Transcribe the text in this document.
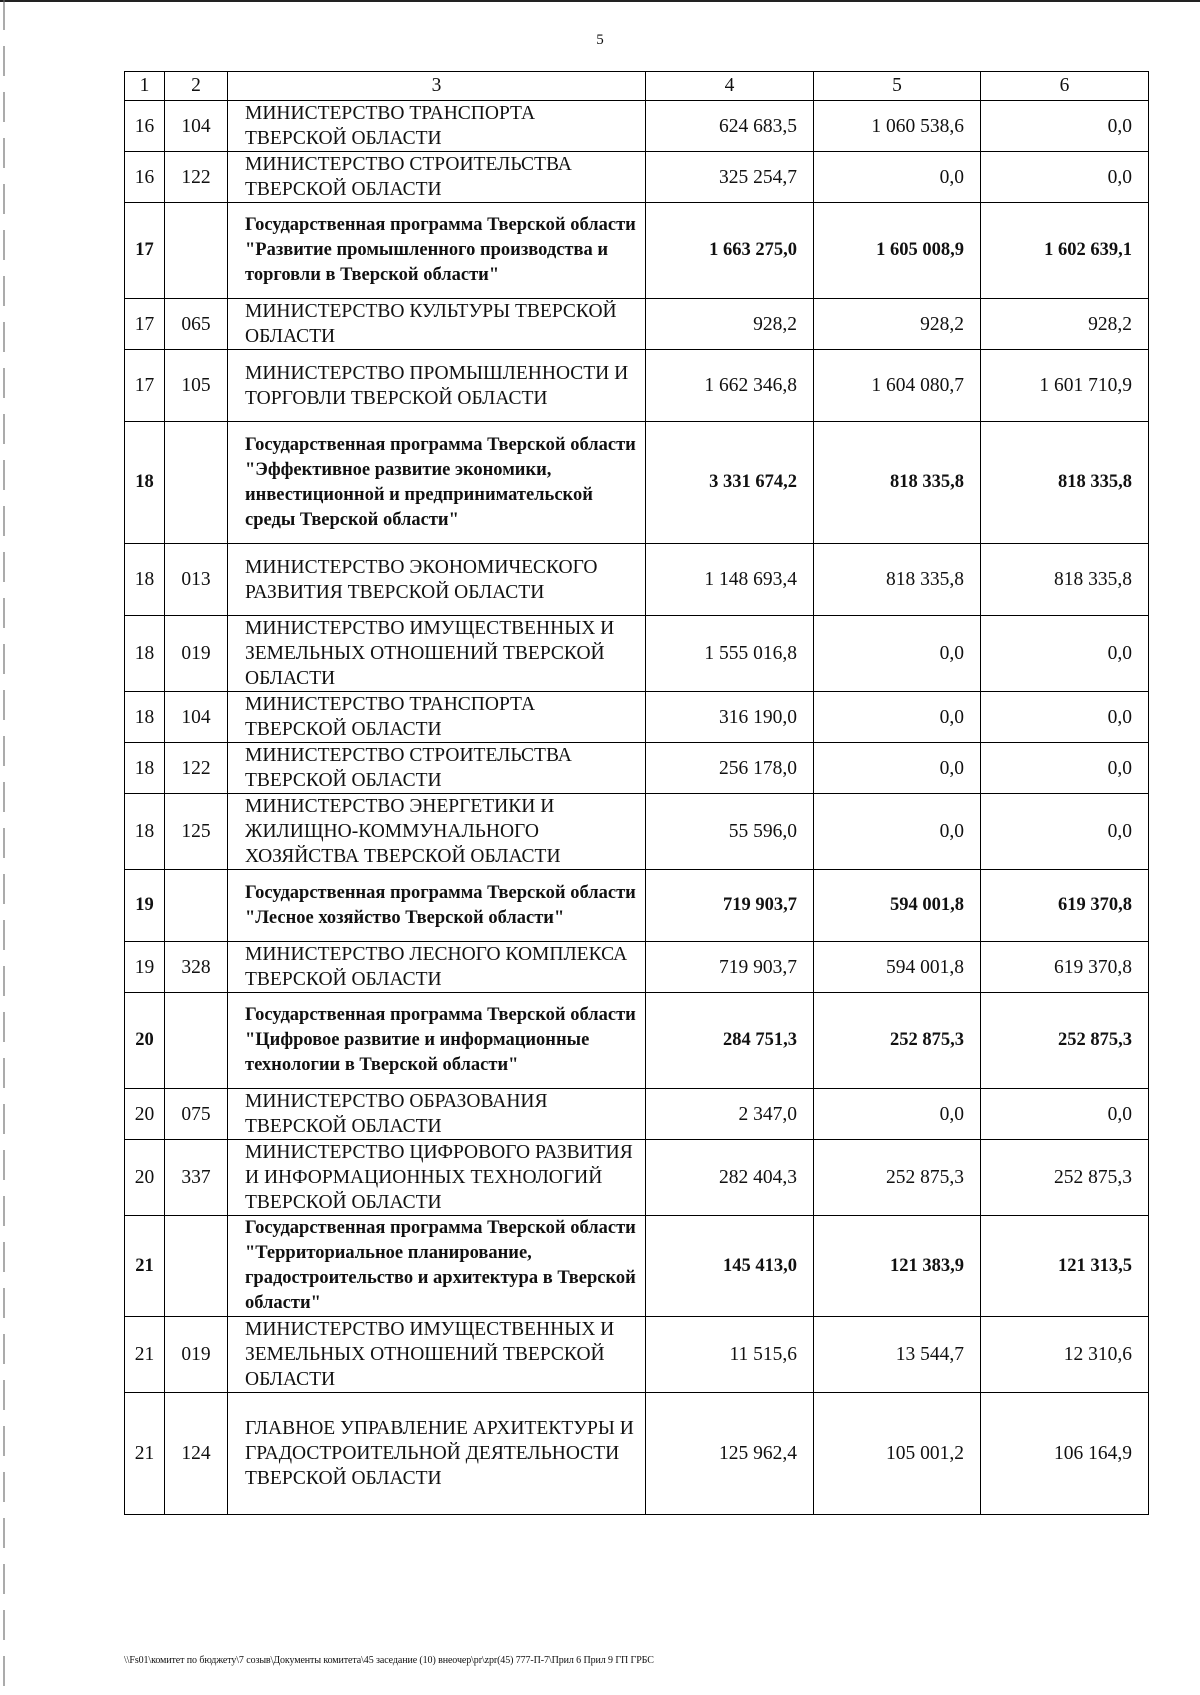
5
1	2	3	4	5	6
16	104	МИНИСТЕРСТВО ТРАНСПОРТА ТВЕРСКОЙ ОБЛАСТИ	624 683,5	1 060 538,6	0,0
16	122	МИНИСТЕРСТВО СТРОИТЕЛЬСТВА ТВЕРСКОЙ ОБЛАСТИ	325 254,7	0,0	0,0
17		Государственная программа Тверской области "Развитие промышленного производства и торговли в Тверской области"	1 663 275,0	1 605 008,9	1 602 639,1
17	065	МИНИСТЕРСТВО КУЛЬТУРЫ ТВЕРСКОЙ ОБЛАСТИ	928,2	928,2	928,2
17	105	МИНИСТЕРСТВО ПРОМЫШЛЕННОСТИ И ТОРГОВЛИ ТВЕРСКОЙ ОБЛАСТИ	1 662 346,8	1 604 080,7	1 601 710,9
18		Государственная программа Тверской области "Эффективное развитие экономики, инвестиционной и предпринимательской среды Тверской области"	3 331 674,2	818 335,8	818 335,8
18	013	МИНИСТЕРСТВО ЭКОНОМИЧЕСКОГО РАЗВИТИЯ ТВЕРСКОЙ ОБЛАСТИ	1 148 693,4	818 335,8	818 335,8
18	019	МИНИСТЕРСТВО ИМУЩЕСТВЕННЫХ И ЗЕМЕЛЬНЫХ ОТНОШЕНИЙ ТВЕРСКОЙ ОБЛАСТИ	1 555 016,8	0,0	0,0
18	104	МИНИСТЕРСТВО ТРАНСПОРТА ТВЕРСКОЙ ОБЛАСТИ	316 190,0	0,0	0,0
18	122	МИНИСТЕРСТВО СТРОИТЕЛЬСТВА ТВЕРСКОЙ ОБЛАСТИ	256 178,0	0,0	0,0
18	125	МИНИСТЕРСТВО ЭНЕРГЕТИКИ И ЖИЛИЩНО-КОММУНАЛЬНОГО ХОЗЯЙСТВА ТВЕРСКОЙ ОБЛАСТИ	55 596,0	0,0	0,0
19		Государственная программа Тверской области "Лесное хозяйство Тверской области"	719 903,7	594 001,8	619 370,8
19	328	МИНИСТЕРСТВО ЛЕСНОГО КОМПЛЕКСА ТВЕРСКОЙ ОБЛАСТИ	719 903,7	594 001,8	619 370,8
20		Государственная программа Тверской области "Цифровое развитие и информационные технологии в Тверской области"	284 751,3	252 875,3	252 875,3
20	075	МИНИСТЕРСТВО ОБРАЗОВАНИЯ ТВЕРСКОЙ ОБЛАСТИ	2 347,0	0,0	0,0
20	337	МИНИСТЕРСТВО ЦИФРОВОГО РАЗВИТИЯ И ИНФОРМАЦИОННЫХ ТЕХНОЛОГИЙ ТВЕРСКОЙ ОБЛАСТИ	282 404,3	252 875,3	252 875,3
21		Государственная программа Тверской области "Территориальное планирование, градостроительство и архитектура в Тверской области"	145 413,0	121 383,9	121 313,5
21	019	МИНИСТЕРСТВО ИМУЩЕСТВЕННЫХ И ЗЕМЕЛЬНЫХ ОТНОШЕНИЙ ТВЕРСКОЙ ОБЛАСТИ	11 515,6	13 544,7	12 310,6
21	124	ГЛАВНОЕ УПРАВЛЕНИЕ АРХИТЕКТУРЫ И ГРАДОСТРОИТЕЛЬНОЙ ДЕЯТЕЛЬНОСТИ ТВЕРСКОЙ ОБЛАСТИ	125 962,4	105 001,2	106 164,9
\\Fs01\комитет по бюджету\7 созыв\Документы комитета\45 заседание (10) внеочер\pr\zpr(45) 777-П-7\Прил 6 Прил 9 ГП ГРБС
